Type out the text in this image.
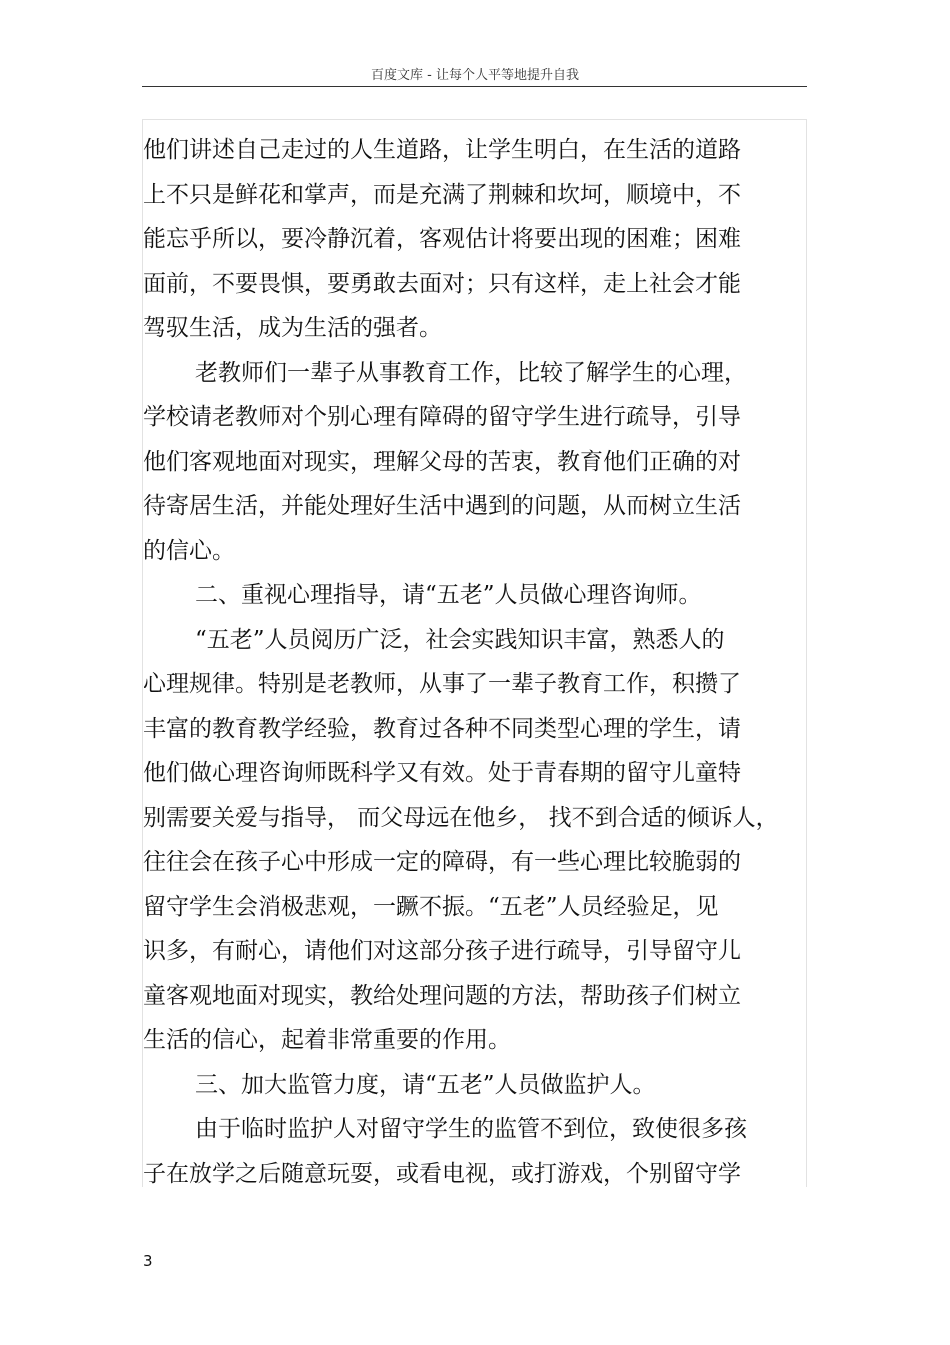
百度文库 - 让每个人平等地提升自我
他们讲述自己走过的人生道路，让学生明白，在生活的道路
上不只是鲜花和掌声，而是充满了荆棘和坎坷，顺境中，不
能忘乎所以，要冷静沉着，客观估计将要出现的困难；困难
面前，不要畏惧，要勇敢去面对；只有这样，走上社会才能
驾驭生活，成为生活的强者。
老教师们一辈子从事教育工作，比较了解学生的心理，
学校请老教师对个别心理有障碍的留守学生进行疏导，引导
他们客观地面对现实，理解父母的苦衷，教育他们正确的对
待寄居生活，并能处理好生活中遇到的问题，从而树立生活
的信心。
二、重视心理指导，请“五老”人员做心理咨询师。
“五老”人员阅历广泛，社会实践知识丰富，熟悉人的
心理规律。特别是老教师，从事了一辈子教育工作，积攒了
丰富的教育教学经验，教育过各种不同类型心理的学生，请
他们做心理咨询师既科学又有效。处于青春期的留守儿童特
别需要关爱与指导， 而父母远在他乡， 找不到合适的倾诉人，
往往会在孩子心中形成一定的障碍，有一些心理比较脆弱的
留守学生会消极悲观，一蹶不振。“五老”人员经验足，见
识多，有耐心，请他们对这部分孩子进行疏导，引导留守儿
童客观地面对现实，教给处理问题的方法，帮助孩子们树立
生活的信心，起着非常重要的作用。
三、加大监管力度，请“五老”人员做监护人。
由于临时监护人对留守学生的监管不到位，致使很多孩
子在放学之后随意玩耍，或看电视，或打游戏，个别留守学
3
